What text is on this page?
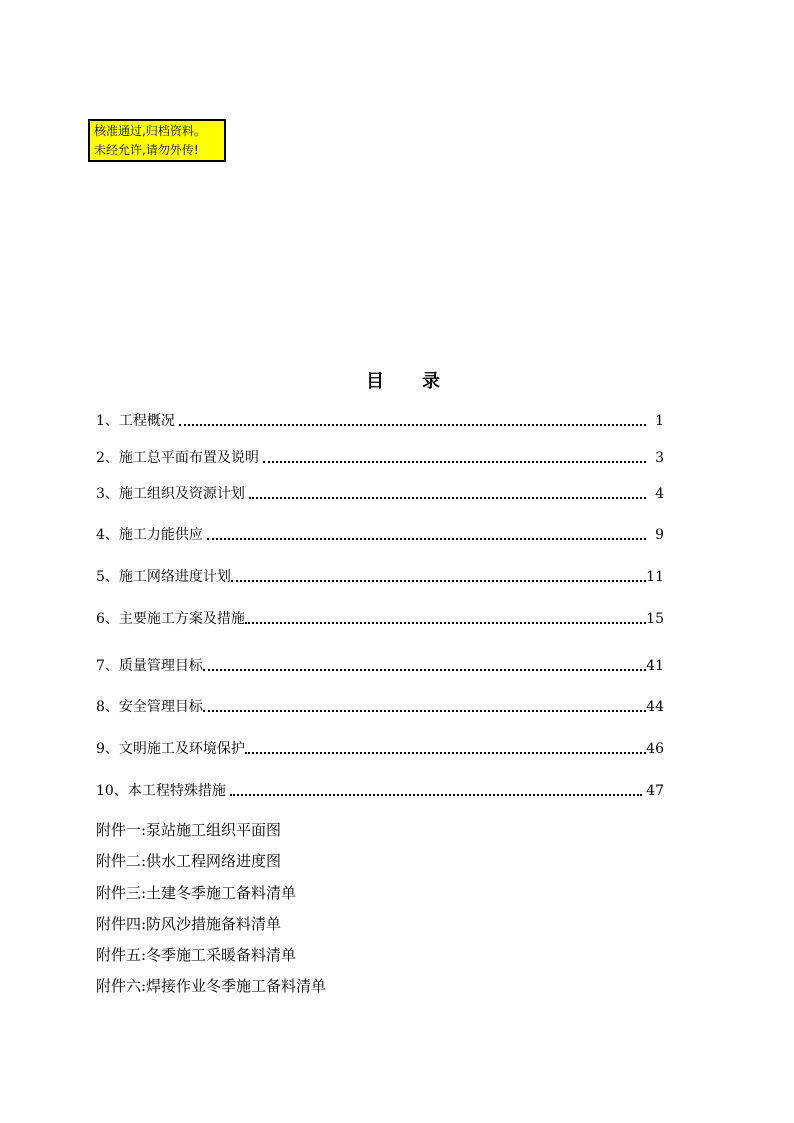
核准通过,归档资料。
未经允许,请勿外传!
目录
1、工程概况	1
2、施工总平面布置及说明	3
3、施工组织及资源计划	4
4、施工力能供应	9
5、施工网络进度计划	11
6、主要施工方案及措施	15
7、质量管理目标	41
8、安全管理目标	44
9、文明施工及环境保护	46
10、本工程特殊措施	47
附件一:泵站施工组织平面图
附件二:供水工程网络进度图
附件三:土建冬季施工备料清单
附件四:防风沙措施备料清单
附件五:冬季施工采暖备料清单
附件六:焊接作业冬季施工备料清单
